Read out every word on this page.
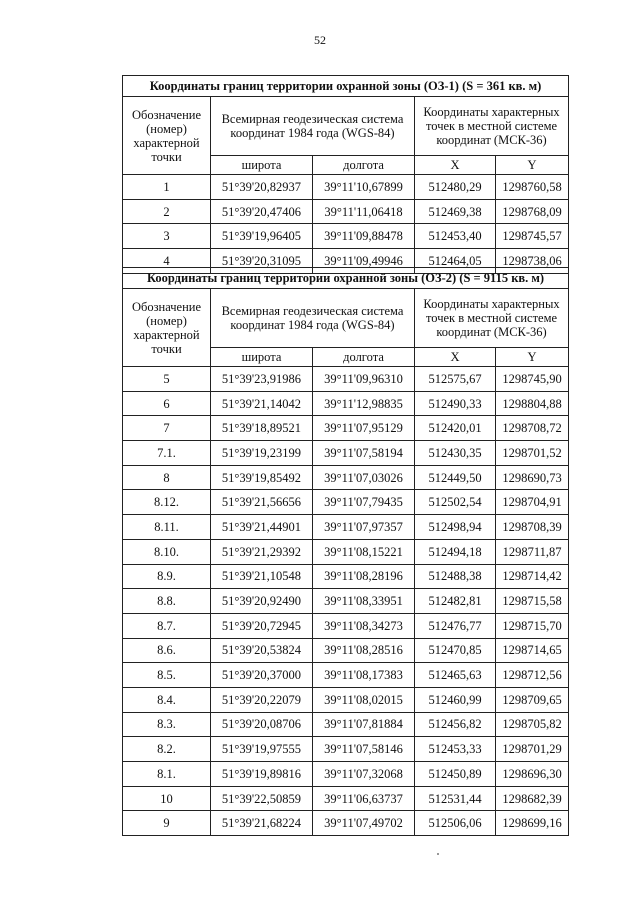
52
Координаты границ территории охранной зоны (ОЗ-1) (S = 361 кв. м)				
Обозначение (номер) характерной точки	Всемирная геодезическая система координат 1984 года (WGS-84)		Координаты характерных точек в местной системе координат (МСК-36)	
	широта	долгота	X	Y
1	51°39'20,82937	39°11'10,67899	512480,29	1298760,58
2	51°39'20,47406	39°11'11,06418	512469,38	1298768,09
3	51°39'19,96405	39°11'09,88478	512453,40	1298745,57
4	51°39'20,31095	39°11'09,49946	512464,05	1298738,06
Координаты границ территории охранной зоны (ОЗ-2) (S = 9115 кв. м)				
Обозначение (номер) характерной точки	Всемирная геодезическая система координат 1984 года (WGS-84)		Координаты характерных точек в местной системе координат (МСК-36)	
	широта	долгота	X	Y
5	51°39'23,91986	39°11'09,96310	512575,67	1298745,90
6	51°39'21,14042	39°11'12,98835	512490,33	1298804,88
7	51°39'18,89521	39°11'07,95129	512420,01	1298708,72
7.1.	51°39'19,23199	39°11'07,58194	512430,35	1298701,52
8	51°39'19,85492	39°11'07,03026	512449,50	1298690,73
8.12.	51°39'21,56656	39°11'07,79435	512502,54	1298704,91
8.11.	51°39'21,44901	39°11'07,97357	512498,94	1298708,39
8.10.	51°39'21,29392	39°11'08,15221	512494,18	1298711,87
8.9.	51°39'21,10548	39°11'08,28196	512488,38	1298714,42
8.8.	51°39'20,92490	39°11'08,33951	512482,81	1298715,58
8.7.	51°39'20,72945	39°11'08,34273	512476,77	1298715,70
8.6.	51°39'20,53824	39°11'08,28516	512470,85	1298714,65
8.5.	51°39'20,37000	39°11'08,17383	512465,63	1298712,56
8.4.	51°39'20,22079	39°11'08,02015	512460,99	1298709,65
8.3.	51°39'20,08706	39°11'07,81884	512456,82	1298705,82
8.2.	51°39'19,97555	39°11'07,58146	512453,33	1298701,29
8.1.	51°39'19,89816	39°11'07,32068	512450,89	1298696,30
10	51°39'22,50859	39°11'06,63737	512531,44	1298682,39
9	51°39'21,68224	39°11'07,49702	512506,06	1298699,16
